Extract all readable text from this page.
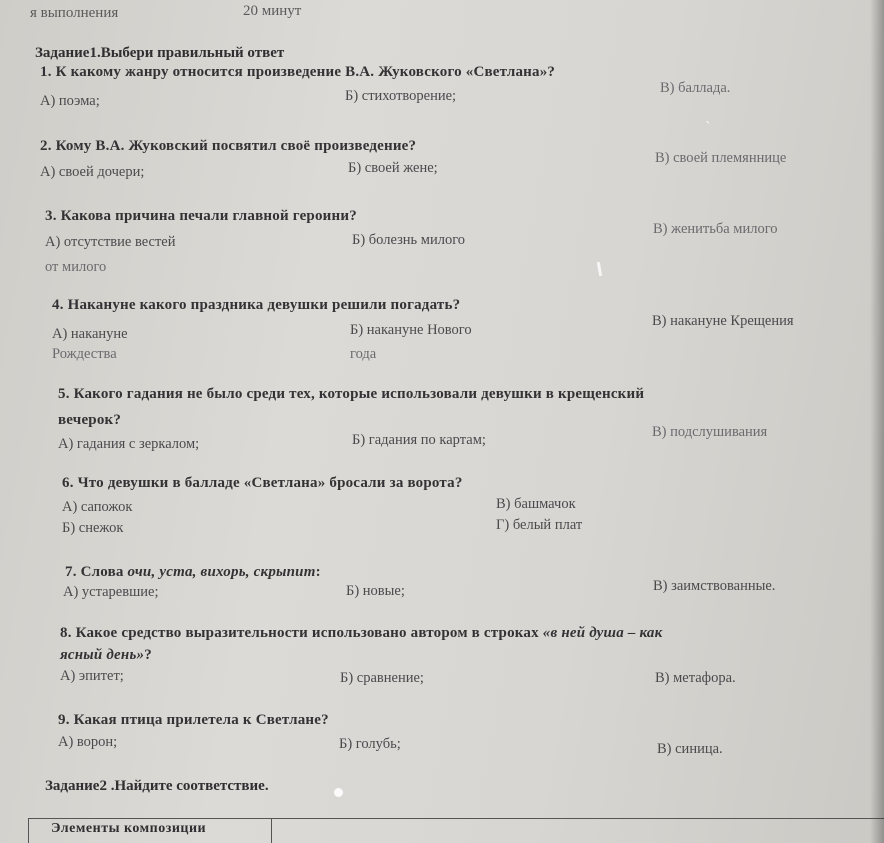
я выполнения	20 минут
Задание1.Выбери правильный ответ
1. К какому жанру относится произведение В.А. Жуковского «Светлана»?
А) поэма;	Б) стихотворение;	В) баллада.
2. Кому В.А. Жуковский посвятил своё произведение?
А) своей дочери;	Б) своей жене;
В) своей племяннице
3. Какова причина печали главной героини?
А) отсутствие вестей
от милого
Б) болезнь милого
В) женитьба милого
4. Накануне какого праздника девушки решили погадать?
А) накануне
Рождества
Б) накануне Нового
года
В) накануне Крещения
5. Какого гадания не было среди тех, которые использовали девушки в крещенский
вечерок?
А) гадания с зеркалом;	Б) гадания по картам;	В) подслушивания
6. Что девушки в балладе «Светлана» бросали за ворота?
А) сапожок
Б) снежок
В) башмачок
Г) белый плат
7. Слова очи, уста, вихорь, скрыпит:
А) устаревшие;	Б) новые;	В) заимствованные.
8. Какое средство выразительности использовано автором в строках «в ней душа – как
ясный день»?
А) эпитет;	Б) сравнение;	В) метафора.
9. Какая птица прилетела к Светлане?
А) ворон;	Б) голубь;	В) синица.
Задание2 .Найдите соответствие.
Элементы композиции
ˎ
